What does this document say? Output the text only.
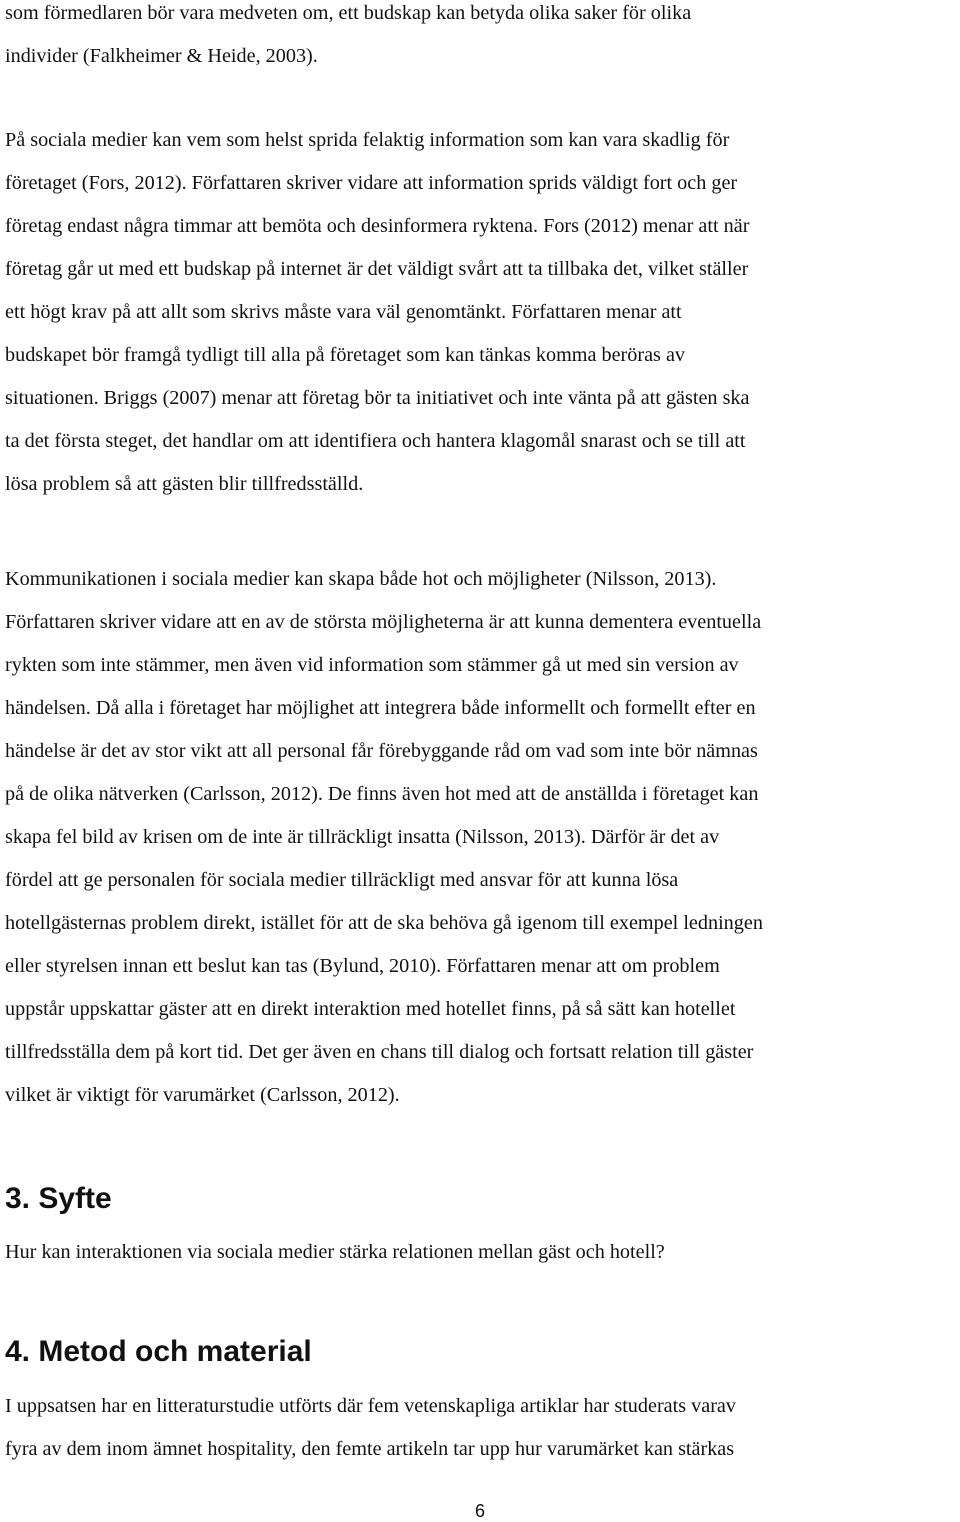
som förmedlaren bör vara medveten om, ett budskap kan betyda olika saker för olika
individer (Falkheimer & Heide, 2003).

På sociala medier kan vem som helst sprida felaktig information som kan vara skadlig för
företaget (Fors, 2012). Författaren skriver vidare att information sprids väldigt fort och ger
företag endast några timmar att bemöta och desinformera ryktena. Fors (2012) menar att när
företag går ut med ett budskap på internet är det väldigt svårt att ta tillbaka det, vilket ställer
ett högt krav på att allt som skrivs måste vara väl genomtänkt. Författaren menar att
budskapet bör framgå tydligt till alla på företaget som kan tänkas komma beröras av
situationen. Briggs (2007) menar att företag bör ta initiativet och inte vänta på att gästen ska
ta det första steget, det handlar om att identifiera och hantera klagomål snarast och se till att
lösa problem så att gästen blir tillfredsställd.

Kommunikationen i sociala medier kan skapa både hot och möjligheter (Nilsson, 2013).
Författaren skriver vidare att en av de största möjligheterna är att kunna dementera eventuella
rykten som inte stämmer, men även vid information som stämmer gå ut med sin version av
händelsen. Då alla i företaget har möjlighet att integrera både informellt och formellt efter en
händelse är det av stor vikt att all personal får förebyggande råd om vad som inte bör nämnas
på de olika nätverken (Carlsson, 2012). De finns även hot med att de anställda i företaget kan
skapa fel bild av krisen om de inte är tillräckligt insatta (Nilsson, 2013). Därför är det av
fördel att ge personalen för sociala medier tillräckligt med ansvar för att kunna lösa
hotellgästernas problem direkt, istället för att de ska behöva gå igenom till exempel ledningen
eller styrelsen innan ett beslut kan tas (Bylund, 2010). Författaren menar att om problem
uppstår uppskattar gäster att en direkt interaktion med hotellet finns, på så sätt kan hotellet
tillfredsställa dem på kort tid. Det ger även en chans till dialog och fortsatt relation till gäster
vilket är viktigt för varumärket (Carlsson, 2012).

3. Syfte

Hur kan interaktionen via sociala medier stärka relationen mellan gäst och hotell?

4. Metod och material

I uppsatsen har en litteraturstudie utförts där fem vetenskapliga artiklar har studerats varav
fyra av dem inom ämnet hospitality, den femte artikeln tar upp hur varumärket kan stärkas

6
